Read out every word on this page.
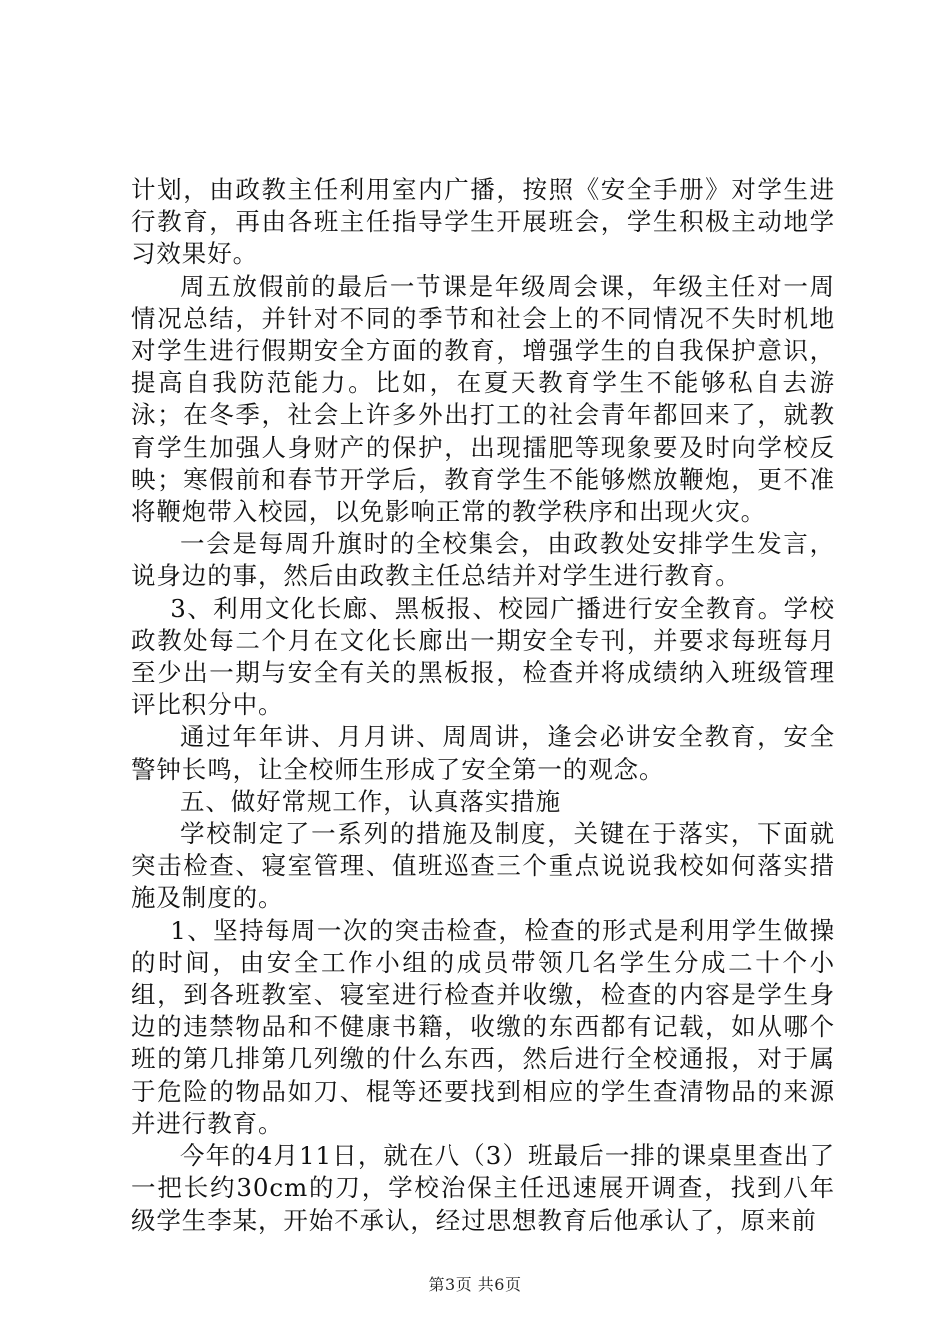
计划，由政教主任利用室内广播，按照《安全手册》对学生进行教育，再由各班主任指导学生开展班会，学生积极主动地学习效果好。

周五放假前的最后一节课是年级周会课，年级主任对一周情况总结，并针对不同的季节和社会上的不同情况不失时机地对学生进行假期安全方面的教育，增强学生的自我保护意识，提高自我防范能力。比如，在夏天教育学生不能够私自去游泳；在冬季，社会上许多外出打工的社会青年都回来了，就教育学生加强人身财产的保护，出现擂肥等现象要及时向学校反映；寒假前和春节开学后，教育学生不能够燃放鞭炮，更不准将鞭炮带入校园，以免影响正常的教学秩序和出现火灾。

一会是每周升旗时的全校集会，由政教处安排学生发言，说身边的事，然后由政教主任总结并对学生进行教育。

3、利用文化长廊、黑板报、校园广播进行安全教育。学校政教处每二个月在文化长廊出一期安全专刊，并要求每班每月至少出一期与安全有关的黑板报，检查并将成绩纳入班级管理评比积分中。

通过年年讲、月月讲、周周讲，逢会必讲安全教育，安全警钟长鸣，让全校师生形成了安全第一的观念。

五、做好常规工作，认真落实措施

学校制定了一系列的措施及制度，关键在于落实，下面就突击检查、寝室管理、值班巡查三个重点说说我校如何落实措施及制度的。

1、坚持每周一次的突击检查，检查的形式是利用学生做操的时间，由安全工作小组的成员带领几名学生分成二十个小组，到各班教室、寝室进行检查并收缴，检查的内容是学生身边的违禁物品和不健康书籍，收缴的东西都有记载，如从哪个班的第几排第几列缴的什么东西，然后进行全校通报，对于属于危险的物品如刀、棍等还要找到相应的学生查清物品的来源并进行教育。

今年的4月11日，就在八（3）班最后一排的课桌里查出了一把长约30cm的刀，学校治保主任迅速展开调查，找到八年级学生李某，开始不承认，经过思想教育后他承认了，原来前

第3页 共6页
